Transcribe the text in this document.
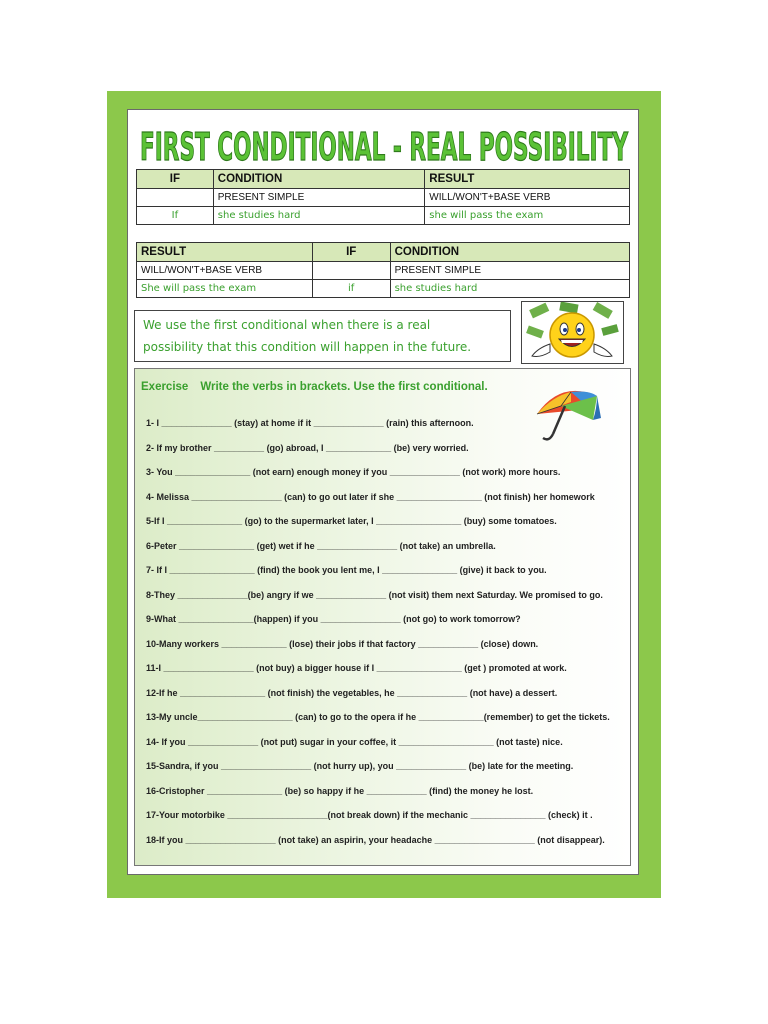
FIRST CONDITIONAL - REAL POSSIBILITY
IF	CONDITION	RESULT
	PRESENT SIMPLE	WILL/WON'T+BASE VERB
If	she studies hard	she will pass the exam
RESULT	IF	CONDITION
WILL/WON'T+BASE VERB		PRESENT SIMPLE
She will pass the exam	if	she studies hard
We use the first conditional when there is a real
possibility that this condition will happen in the future.
Exercise Write the verbs in brackets. Use the first conditional.
1- I ______________ (stay) at home if it ______________ (rain) this afternoon.
2- If my brother __________ (go) abroad, I _____________ (be) very worried.
3- You _______________ (not earn) enough money if you ______________ (not work) more hours.
4- Melissa __________________ (can) to go out later if she _________________ (not finish) her homework
5-If I _______________ (go) to the supermarket later, I _________________ (buy) some tomatoes.
6-Peter _______________ (get) wet if he ________________ (not take) an umbrella.
7- If I _________________ (find) the book you lent me, I _______________ (give) it back to you.
8-They ______________(be) angry if we ______________ (not visit) them next Saturday. We promised to go.
9-What _______________(happen) if you ________________ (not go) to work tomorrow?
10-Many workers _____________ (lose) their jobs if that factory ____________ (close) down.
11-I __________________ (not buy) a bigger house if I _________________ (get ) promoted at work.
12-If he _________________ (not finish) the vegetables, he ______________ (not have) a dessert.
13-My uncle___________________ (can) to go to the opera if he _____________(remember) to get the tickets.
14- If you ______________ (not put) sugar in your coffee, it ___________________ (not taste) nice.
15-Sandra, if you __________________ (not hurry up), you ______________ (be) late for the meeting.
16-Cristopher _______________ (be) so happy if he ____________ (find) the money he lost.
17-Your motorbike ____________________(not break down) if the mechanic _______________ (check) it .
18-If you __________________ (not take) an aspirin, your headache ____________________ (not disappear).
